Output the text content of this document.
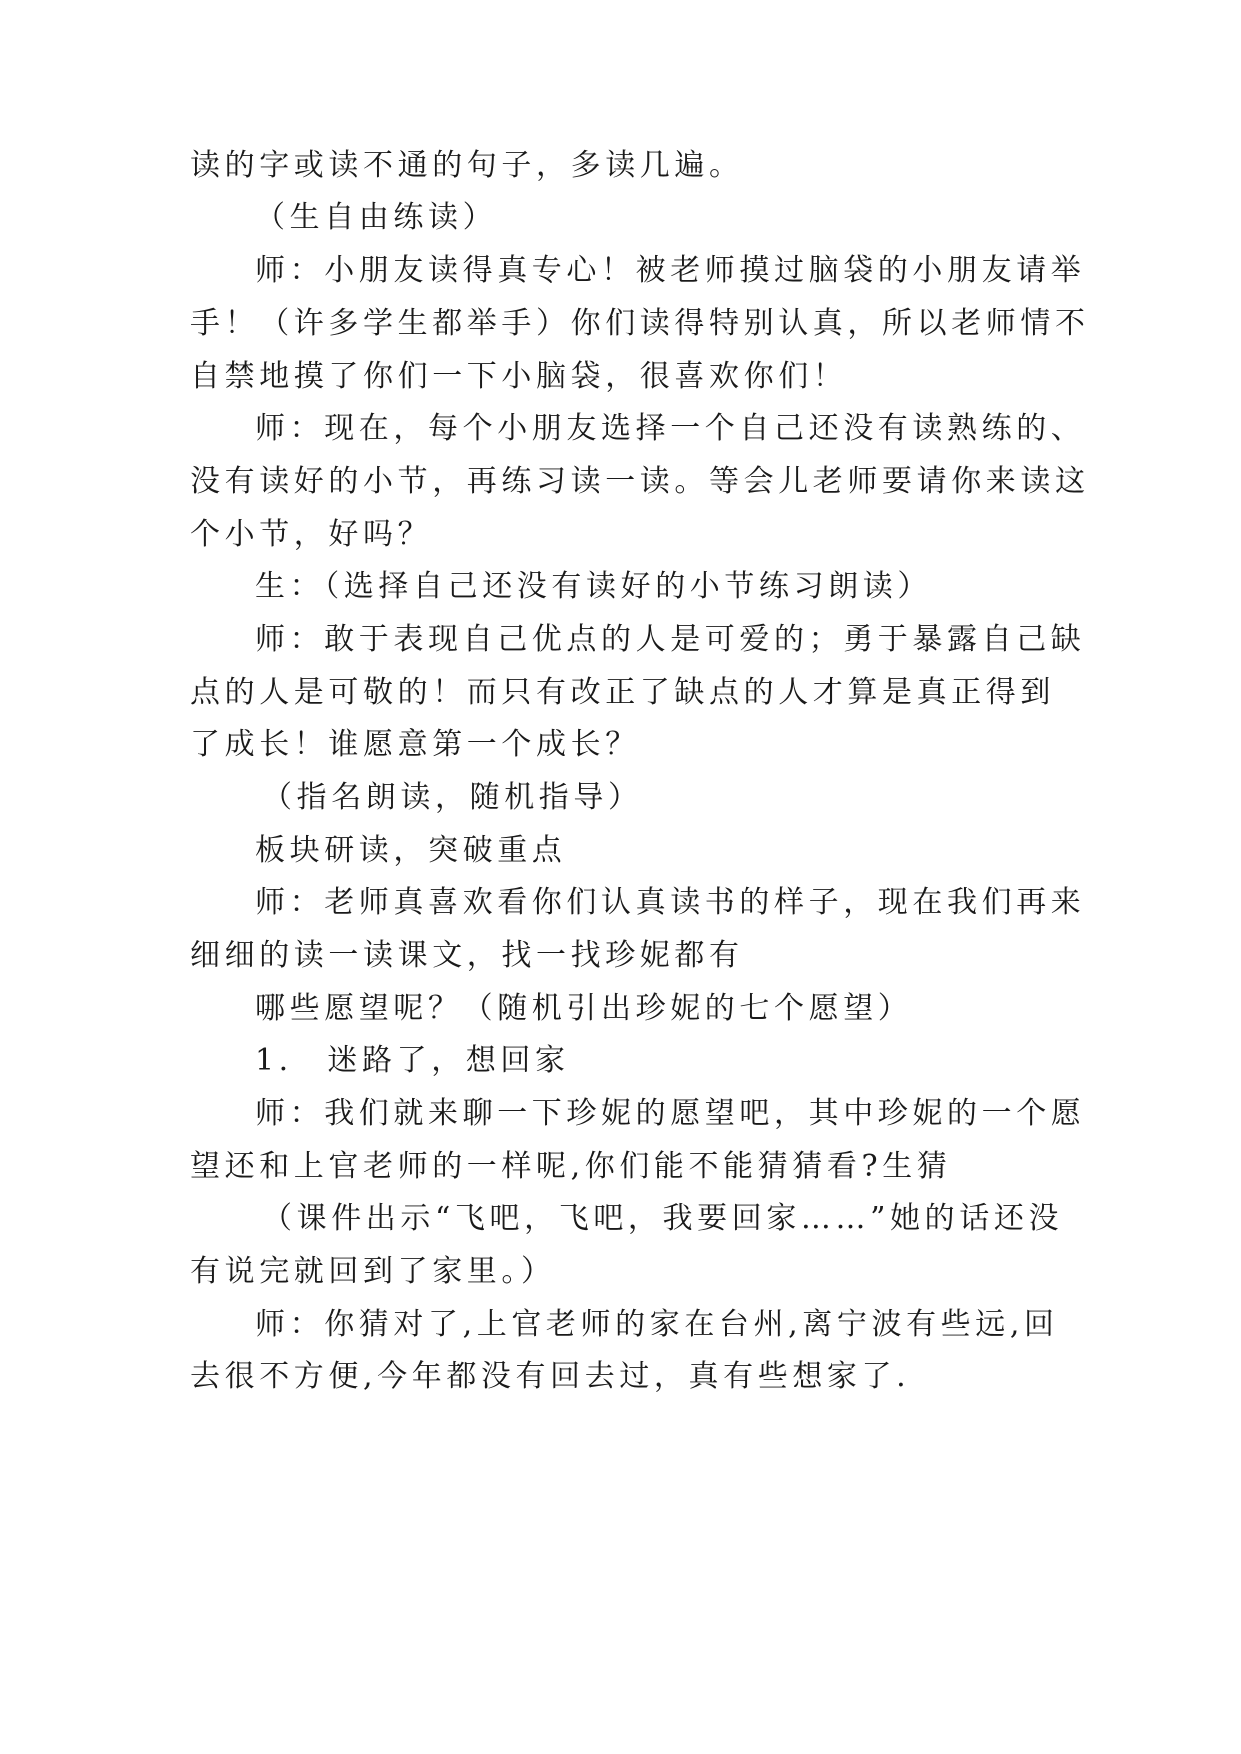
读的字或读不通的句子，多读几遍。
（生自由练读）
师：小朋友读得真专心！被老师摸过脑袋的小朋友请举
手！（许多学生都举手）你们读得特别认真，所以老师情不
自禁地摸了你们一下小脑袋，很喜欢你们！
师：现在，每个小朋友选择一个自己还没有读熟练的、
没有读好的小节，再练习读一读。等会儿老师要请你来读这
个小节，好吗？
生：（选择自己还没有读好的小节练习朗读）
师：敢于表现自己优点的人是可爱的；勇于暴露自己缺
点的人是可敬的！而只有改正了缺点的人才算是真正得到
了成长！谁愿意第一个成长？
（指名朗读，随机指导）
板块研读，突破重点
师：老师真喜欢看你们认真读书的样子，现在我们再来
细细的读一读课文，找一找珍妮都有
哪些愿望呢？（随机引出珍妮的七个愿望）
1.　迷路了，想回家
师：我们就来聊一下珍妮的愿望吧，其中珍妮的一个愿
望还和上官老师的一样呢,你们能不能猜猜看?生猜
（课件出示“飞吧，飞吧，我要回家……”她的话还没
有说完就回到了家里。）
师：你猜对了,上官老师的家在台州,离宁波有些远,回
去很不方便,今年都没有回去过，真有些想家了.
